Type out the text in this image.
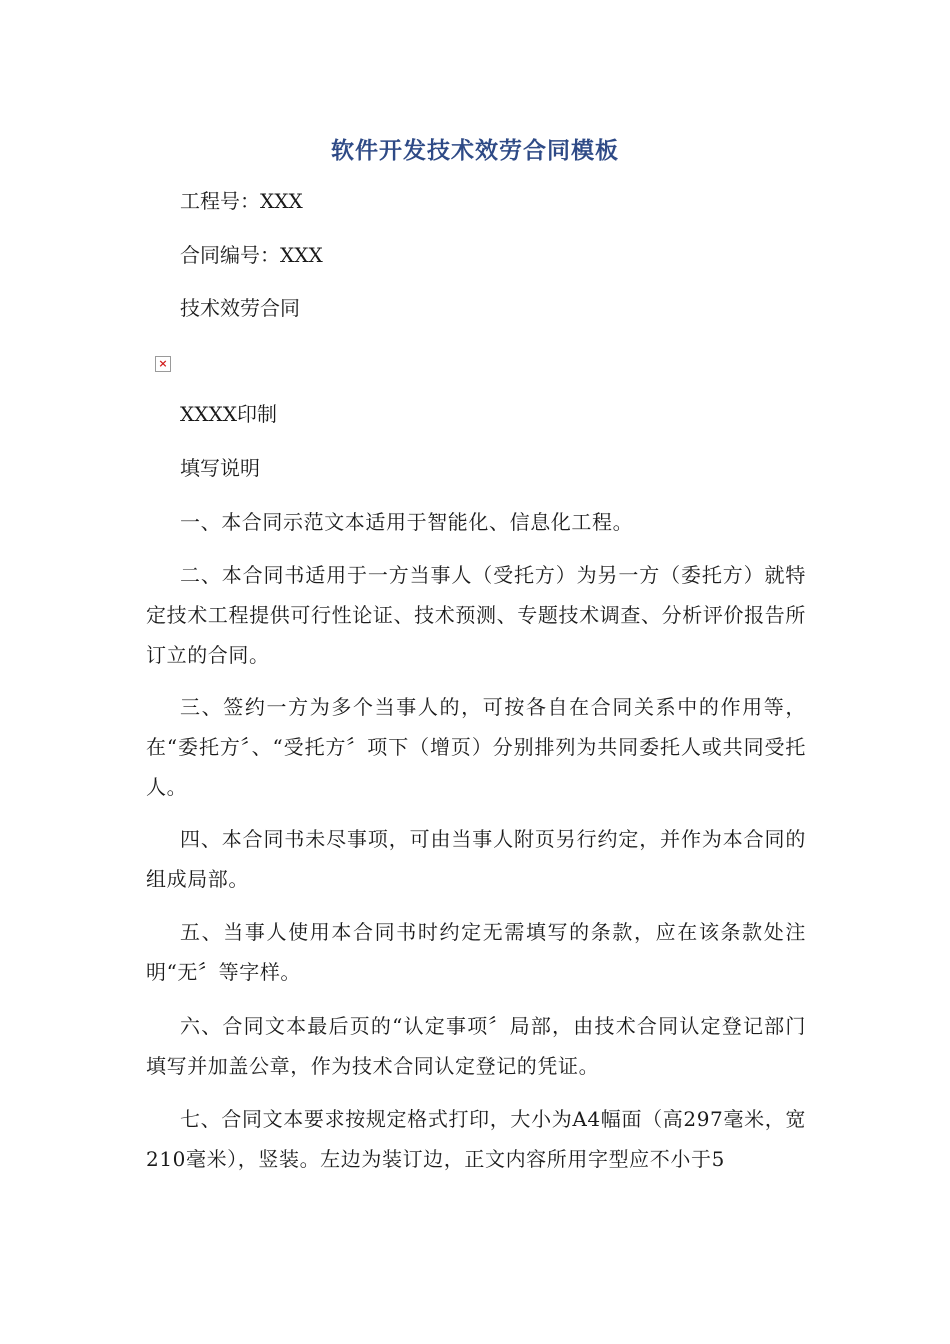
软件开发技术效劳合同模板
工程号：XXX
合同编号：XXX
技术效劳合同
×
XXXX印制
填写说明
一、本合同示范文本适用于智能化、信息化工程。
二、本合同书适用于一方当事人（受托方）为另一方（委托方）就特定技术工程提供可行性论证、技术预测、专题技术调查、分析评价报告所订立的合同。
三、签约一方为多个当事人的，可按各自在合同关系中的作用等，在“委托方〞、“受托方〞项下（增页）分别排列为共同委托人或共同受托人。
四、本合同书未尽事项，可由当事人附页另行约定，并作为本合同的组成局部。
五、当事人使用本合同书时约定无需填写的条款，应在该条款处注明“无〞等字样。
六、合同文本最后页的“认定事项〞局部，由技术合同认定登记部门填写并加盖公章，作为技术合同认定登记的凭证。
七、合同文本要求按规定格式打印，大小为A4幅面（高297毫米，宽210毫米），竖装。左边为装订边，正文内容所用字型应不小于5
